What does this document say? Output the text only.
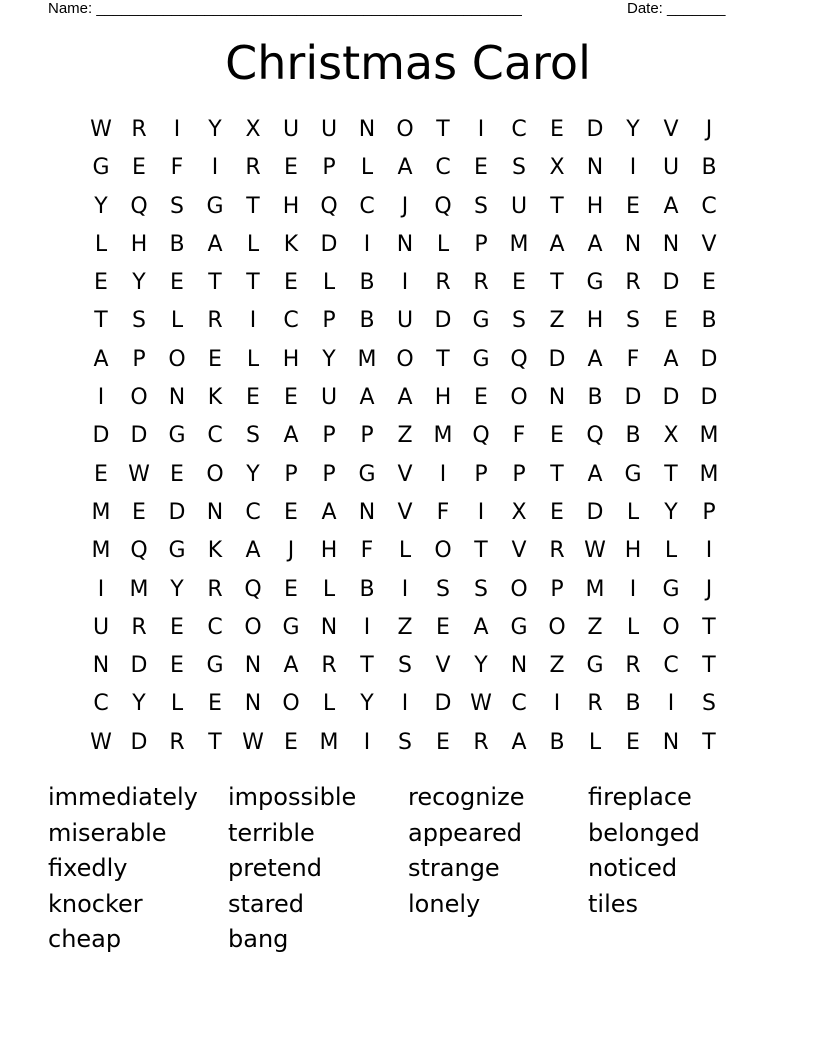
Name: ___________________________________________________	Date: _______
Christmas Carol
W R	I	Y	X	U U N O	T	I	C	E	D	Y	V	J
G	E	F	I	R	E	P	L	A	C	E	S	X	N	I	U	B
Y	Q	S	G	T	H Q C	J	Q	S	U	T	H	E	A	C
L	H	B	A	L	K	D	I	N	L	P M A	A	N N	V
E	Y	E	T	T	E	L	B	I	R	R	E	T	G R D	E
T	S	L	R	I	C	P	B	U D G	S	Z	H	S	E	B
A	P	O	E	L	H	Y M O	T	G Q D	A	F	A D
I	O N	K	E	E	U	A	A	H	E	O N	B D D D
D D G C	S	A	P	P	Z M Q	F	E	Q B	X M
E W E	O	Y	P	P	G V	I	P	P	T	A G	T M
M E	D N	C	E	A	N	V	F	I	X	E	D	L	Y	P
M Q G	K	A	J	H	F	L	O	T	V	R W H	L	I
I	M Y	R Q	E	L	B	I	S	S	O	P M	I	G	J
U	R	E	C O G N	I	Z	E	A G O Z	L	O	T
N D	E	G N	A	R	T	S	V	Y	N	Z G R	C	T
C	Y	L	E	N O	L	Y	I	D W C	I	R	B	I	S
W D R	T W E M	I	S	E	R	A	B	L	E	N	T
immediately	impossible	recognize	fireplace
miserable	terrible	appeared	belonged
fixedly	pretend	strange	noticed
knocker	stared	lonely	tiles
cheap	bang
